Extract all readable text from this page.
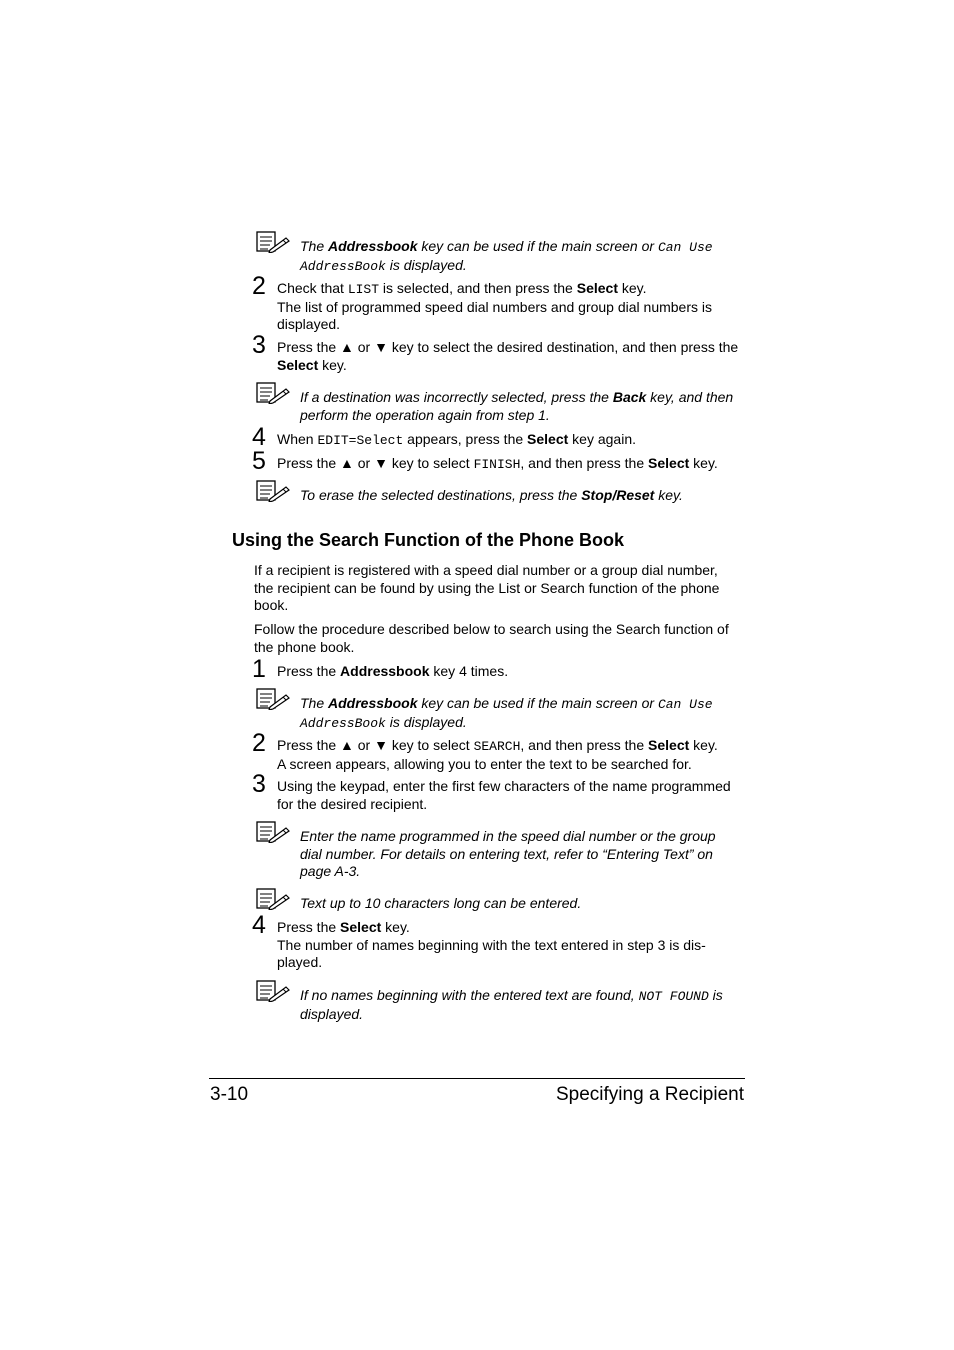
The Addressbook key can be used if the main screen or Can Use
AddressBook is displayed.
2 Check that LIST is selected, and then press the Select key.
The list of programmed speed dial numbers and group dial numbers is
displayed.
3 Press the ▲ or ▼ key to select the desired destination, and then press the
Select key.
If a destination was incorrectly selected, press the Back key, and then
perform the operation again from step 1.
4 When EDIT=Select appears, press the Select key again.
5 Press the ▲ or ▼ key to select FINISH, and then press the Select key.
To erase the selected destinations, press the Stop/Reset key.
Using the Search Function of the Phone Book
If a recipient is registered with a speed dial number or a group dial number,
the recipient can be found by using the List or Search function of the phone
book.
Follow the procedure described below to search using the Search function of
the phone book.
1 Press the Addressbook key 4 times.
The Addressbook key can be used if the main screen or Can Use
AddressBook is displayed.
2 Press the ▲ or ▼ key to select SEARCH, and then press the Select key.
A screen appears, allowing you to enter the text to be searched for.
3 Using the keypad, enter the first few characters of the name programmed
for the desired recipient.
Enter the name programmed in the speed dial number or the group
dial number. For details on entering text, refer to “Entering Text” on
page A-3.
Text up to 10 characters long can be entered.
4 Press the Select key.
The number of names beginning with the text entered in step 3 is dis-
played.
If no names beginning with the entered text are found, NOT FOUND is
displayed.
3-10	Specifying a Recipient
